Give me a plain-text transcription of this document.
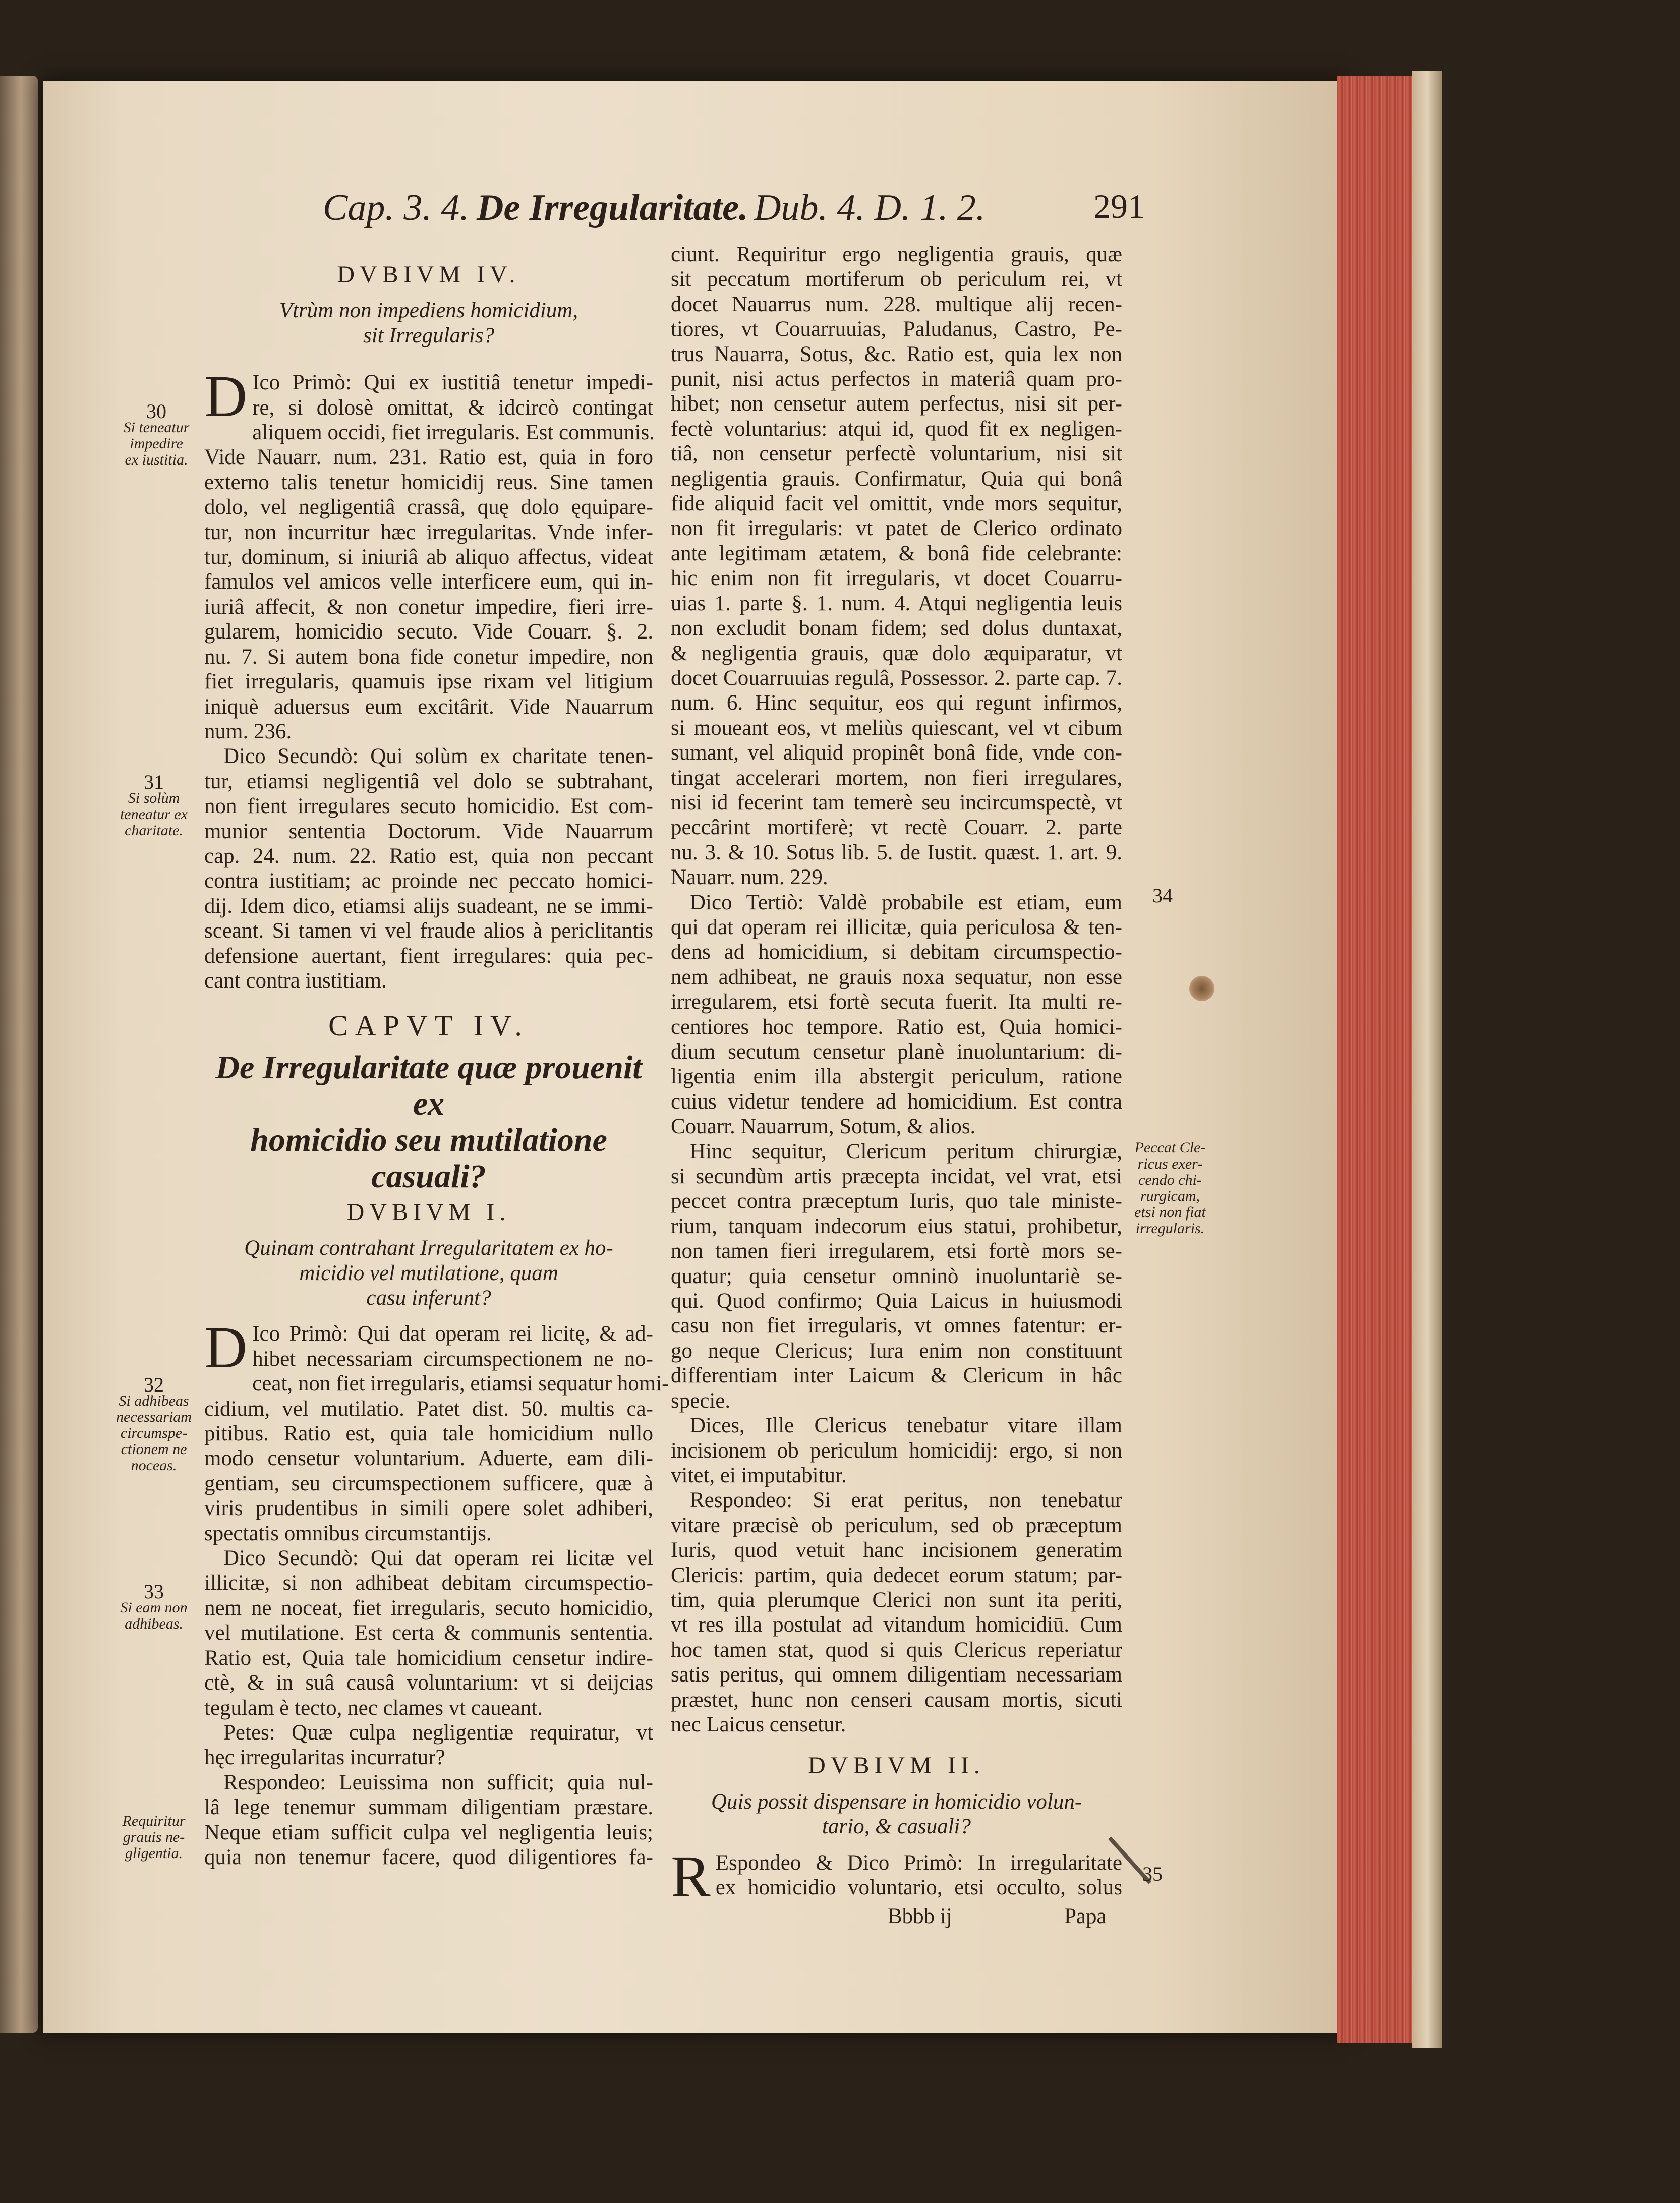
Cap. 3. 4. De Irregularitate. Dub. 4. D. 1. 2.	291
DVBIVM IV.
Vtrùm non impediens homicidium,
sit Irregularis?
D Ico Primò: Qui ex iustitiâ tenetur impedi-
re, si dolosè omittat, & idcircò contingat
aliquem occidi, fiet irregularis. Est communis.
Vide Nauarr. num. 231. Ratio est, quia in foro
externo talis tenetur homicidij reus. Sine tamen
dolo, vel negligentiâ crassâ, quę dolo ęquipare-
tur, non incurritur hæc irregularitas. Vnde infer-
tur, dominum, si iniuriâ ab aliquo affectus, videat
famulos vel amicos velle interficere eum, qui in-
iuriâ affecit, & non conetur impedire, fieri irre-
gularem, homicidio secuto. Vide Couarr. §. 2.
nu. 7. Si autem bona fide conetur impedire, non
fiet irregularis, quamuis ipse rixam vel litigium
iniquè aduersus eum excitârit. Vide Nauarrum
num. 236.
Dico Secundò: Qui solùm ex charitate tenen-
tur, etiamsi negligentiâ vel dolo se subtrahant,
non fient irregulares secuto homicidio. Est com-
munior sententia Doctorum. Vide Nauarrum
cap. 24. num. 22. Ratio est, quia non peccant
contra iustitiam; ac proinde nec peccato homici-
dij. Idem dico, etiamsi alijs suadeant, ne se immi-
sceant. Si tamen vi vel fraude alios à periclitantis
defensione auertant, fient irregulares: quia pec-
cant contra iustitiam.
CAPVT IV.
De Irregularitate quæ prouenit ex
homicidio seu mutilatione
casuali?
DVBIVM I.
Quinam contrahant Irregularitatem ex ho-
micidio vel mutilatione, quam
casu inferunt?
D Ico Primò: Qui dat operam rei licitę, & ad-
hibet necessariam circumspectionem ne no-
ceat, non fiet irregularis, etiamsi sequatur homi-
cidium, vel mutilatio. Patet dist. 50. multis ca-
pitibus. Ratio est, quia tale homicidium nullo
modo censetur voluntarium. Aduerte, eam dili-
gentiam, seu circumspectionem sufficere, quæ à
viris prudentibus in simili opere solet adhiberi,
spectatis omnibus circumstantijs.
Dico Secundò: Qui dat operam rei licitæ vel
illicitæ, si non adhibeat debitam circumspectio-
nem ne noceat, fiet irregularis, secuto homicidio,
vel mutilatione. Est certa & communis sententia.
Ratio est, Quia tale homicidium censetur indire-
ctè, & in suâ causâ voluntarium: vt si deijcias
tegulam è tecto, nec clames vt caueant.
Petes: Quæ culpa negligentiæ requiratur, vt
hęc irregularitas incurratur?
Respondeo: Leuissima non sufficit; quia nul-
lâ lege tenemur summam diligentiam præstare.
Neque etiam sufficit culpa vel negligentia leuis;
quia non tenemur facere, quod diligentiores fa-
ciunt. Requiritur ergo negligentia grauis, quæ
sit peccatum mortiferum ob periculum rei, vt
docet Nauarrus num. 228. multique alij recen-
tiores, vt Couarruuias, Paludanus, Castro, Pe-
trus Nauarra, Sotus, &c. Ratio est, quia lex non
punit, nisi actus perfectos in materiâ quam pro-
hibet; non censetur autem perfectus, nisi sit per-
fectè voluntarius: atqui id, quod fit ex negligen-
tiâ, non censetur perfectè voluntarium, nisi sit
negligentia grauis. Confirmatur, Quia qui bonâ
fide aliquid facit vel omittit, vnde mors sequitur,
non fit irregularis: vt patet de Clerico ordinato
ante legitimam ætatem, & bonâ fide celebrante:
hic enim non fit irregularis, vt docet Couarru-
uias 1. parte §. 1. num. 4. Atqui negligentia leuis
non excludit bonam fidem; sed dolus duntaxat,
& negligentia grauis, quæ dolo æquiparatur, vt
docet Couarruuias regulâ, Possessor. 2. parte cap. 7.
num. 6. Hinc sequitur, eos qui regunt infirmos,
si moueant eos, vt meliùs quiescant, vel vt cibum
sumant, vel aliquid propinêt bonâ fide, vnde con-
tingat accelerari mortem, non fieri irregulares,
nisi id fecerint tam temerè seu incircumspectè, vt
peccârint mortiferè; vt rectè Couarr. 2. parte
nu. 3. & 10. Sotus lib. 5. de Iustit. quæst. 1. art. 9.
Nauarr. num. 229.
Dico Tertiò: Valdè probabile est etiam, eum
qui dat operam rei illicitæ, quia periculosa & ten-
dens ad homicidium, si debitam circumspectio-
nem adhibeat, ne grauis noxa sequatur, non esse
irregularem, etsi fortè secuta fuerit. Ita multi re-
centiores hoc tempore. Ratio est, Quia homici-
dium secutum censetur planè inuoluntarium: di-
ligentia enim illa abstergit periculum, ratione
cuius videtur tendere ad homicidium. Est contra
Couarr. Nauarrum, Sotum, & alios.
Hinc sequitur, Clericum peritum chirurgiæ,
si secundùm artis præcepta incidat, vel vrat, etsi
peccet contra præceptum Iuris, quo tale ministe-
rium, tanquam indecorum eius statui, prohibetur,
non tamen fieri irregularem, etsi fortè mors se-
quatur; quia censetur omninò inuoluntariè se-
qui. Quod confirmo; Quia Laicus in huiusmodi
casu non fiet irregularis, vt omnes fatentur: er-
go neque Clericus; Iura enim non constituunt
differentiam inter Laicum & Clericum in hâc
specie.
Dices, Ille Clericus tenebatur vitare illam
incisionem ob periculum homicidij: ergo, si non
vitet, ei imputabitur.
Respondeo: Si erat peritus, non tenebatur
vitare præcisè ob periculum, sed ob præceptum
Iuris, quod vetuit hanc incisionem generatim
Clericis: partim, quia dedecet eorum statum; par-
tim, quia plerumque Clerici non sunt ita periti,
vt res illa postulat ad vitandum homicidiū. Cum
hoc tamen stat, quod si quis Clericus reperiatur
satis peritus, qui omnem diligentiam necessariam
præstet, hunc non censeri causam mortis, sicuti
nec Laicus censetur.
DVBIVM II.
Quis possit dispensare in homicidio volun-
tario, & casuali?
R Espondeo & Dico Primò: In irregularitate
ex homicidio voluntario, etsi occulto, solus
Bbbb ij	Papa
30
Si teneatur
impedire
ex iustitia.
31
Si solùm
teneatur ex
charitate.
32
Si adhibeas
necessariam
circumspe-
ctionem ne
noceas.
33
Si eam non
adhibeas.
Requiritur
grauis ne-
gligentia.
34
Peccat Cle-
ricus exer-
cendo chi-
rurgicam,
etsi non fiat
irregularis.
35
